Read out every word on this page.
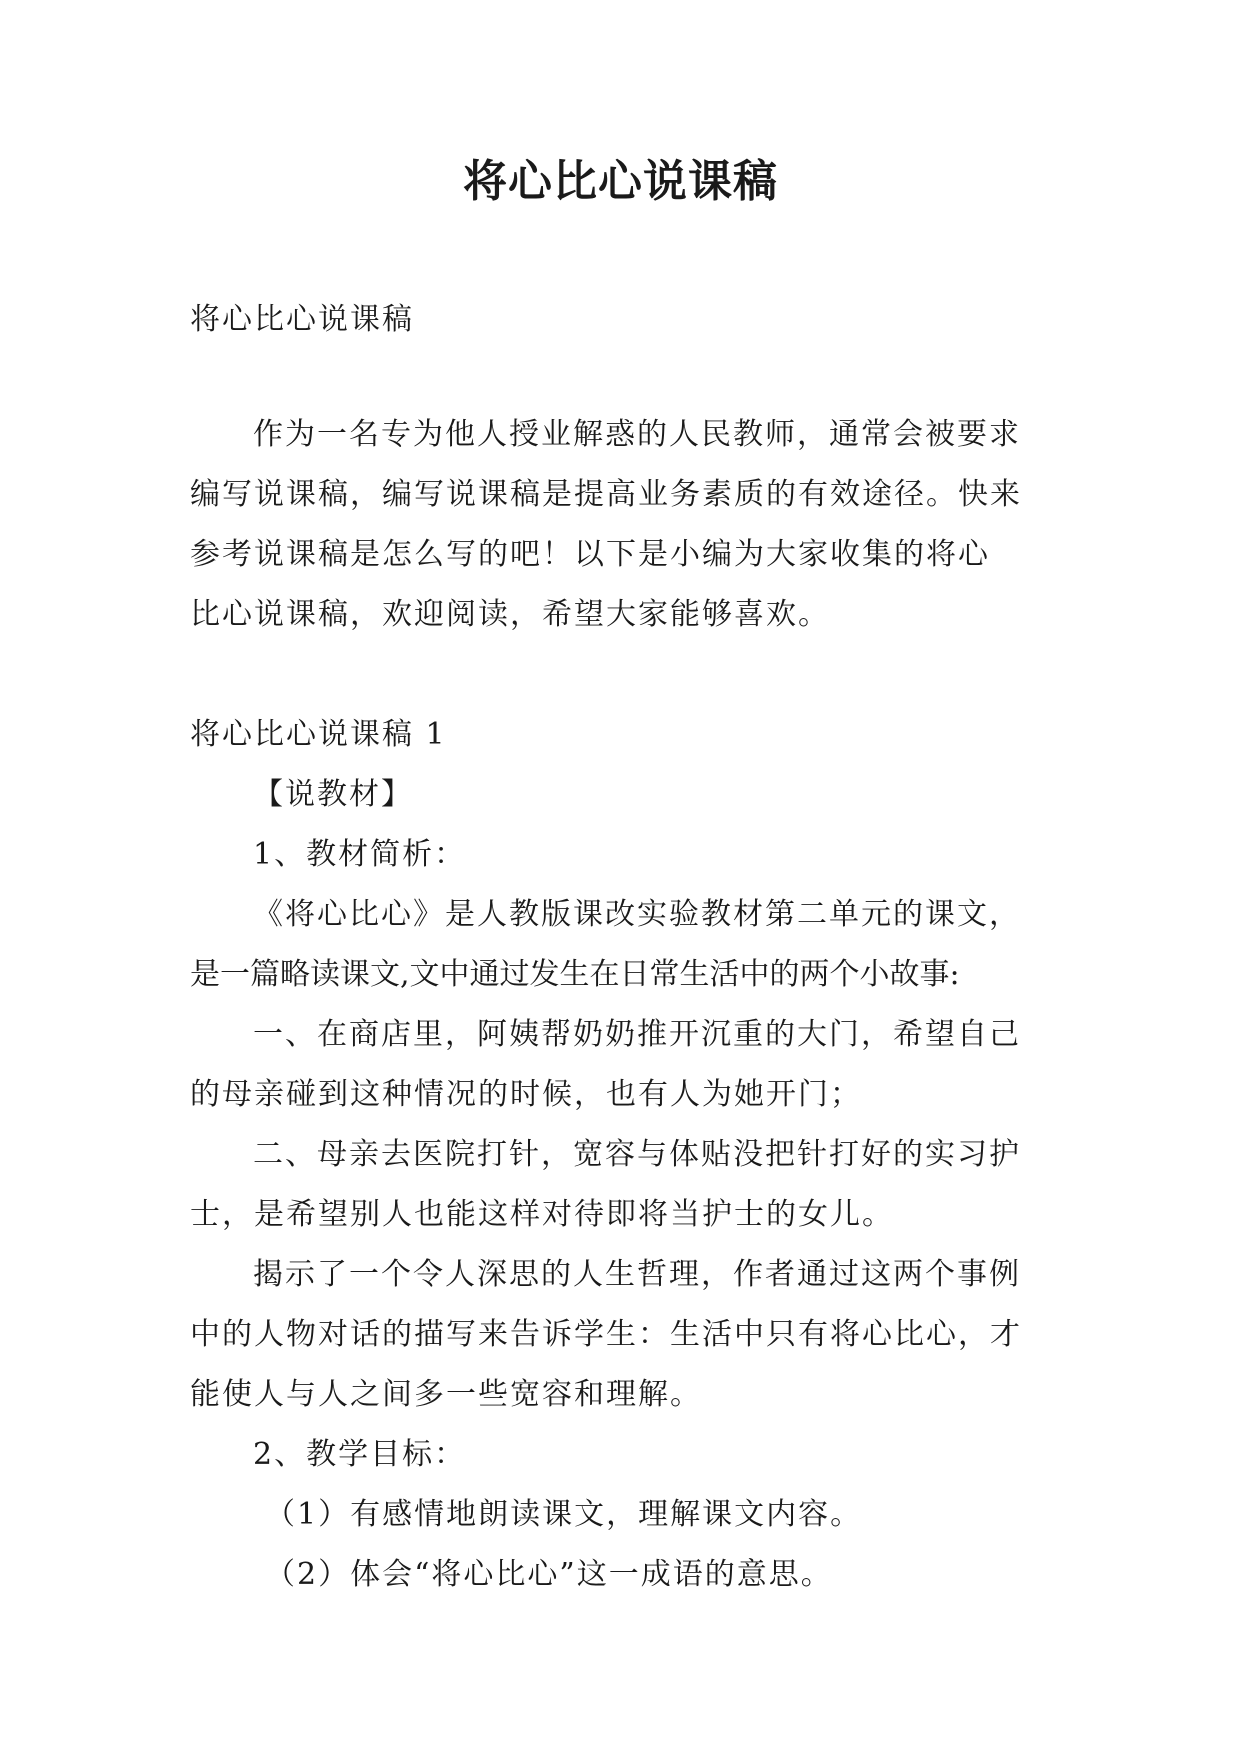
将心比心说课稿
将心比心说课稿
作为一名专为他人授业解惑的人民教师，通常会被要求
编写说课稿，编写说课稿是提高业务素质的有效途径。快来
参考说课稿是怎么写的吧！以下是小编为大家收集的将心
比心说课稿，欢迎阅读，希望大家能够喜欢。
将心比心说课稿 1
【说教材】
1、教材简析：
《将心比心》是人教版课改实验教材第二单元的课文，
是一篇略读课文,文中通过发生在日常生活中的两个小故事:
一、在商店里，阿姨帮奶奶推开沉重的大门，希望自己
的母亲碰到这种情况的时候，也有人为她开门；
二、母亲去医院打针，宽容与体贴没把针打好的实习护
士，是希望别人也能这样对待即将当护士的女儿。
揭示了一个令人深思的人生哲理，作者通过这两个事例
中的人物对话的描写来告诉学生：生活中只有将心比心，才
能使人与人之间多一些宽容和理解。
2、教学目标：
（1）有感情地朗读课文，理解课文内容。
（2）体会“将心比心”这一成语的意思。
